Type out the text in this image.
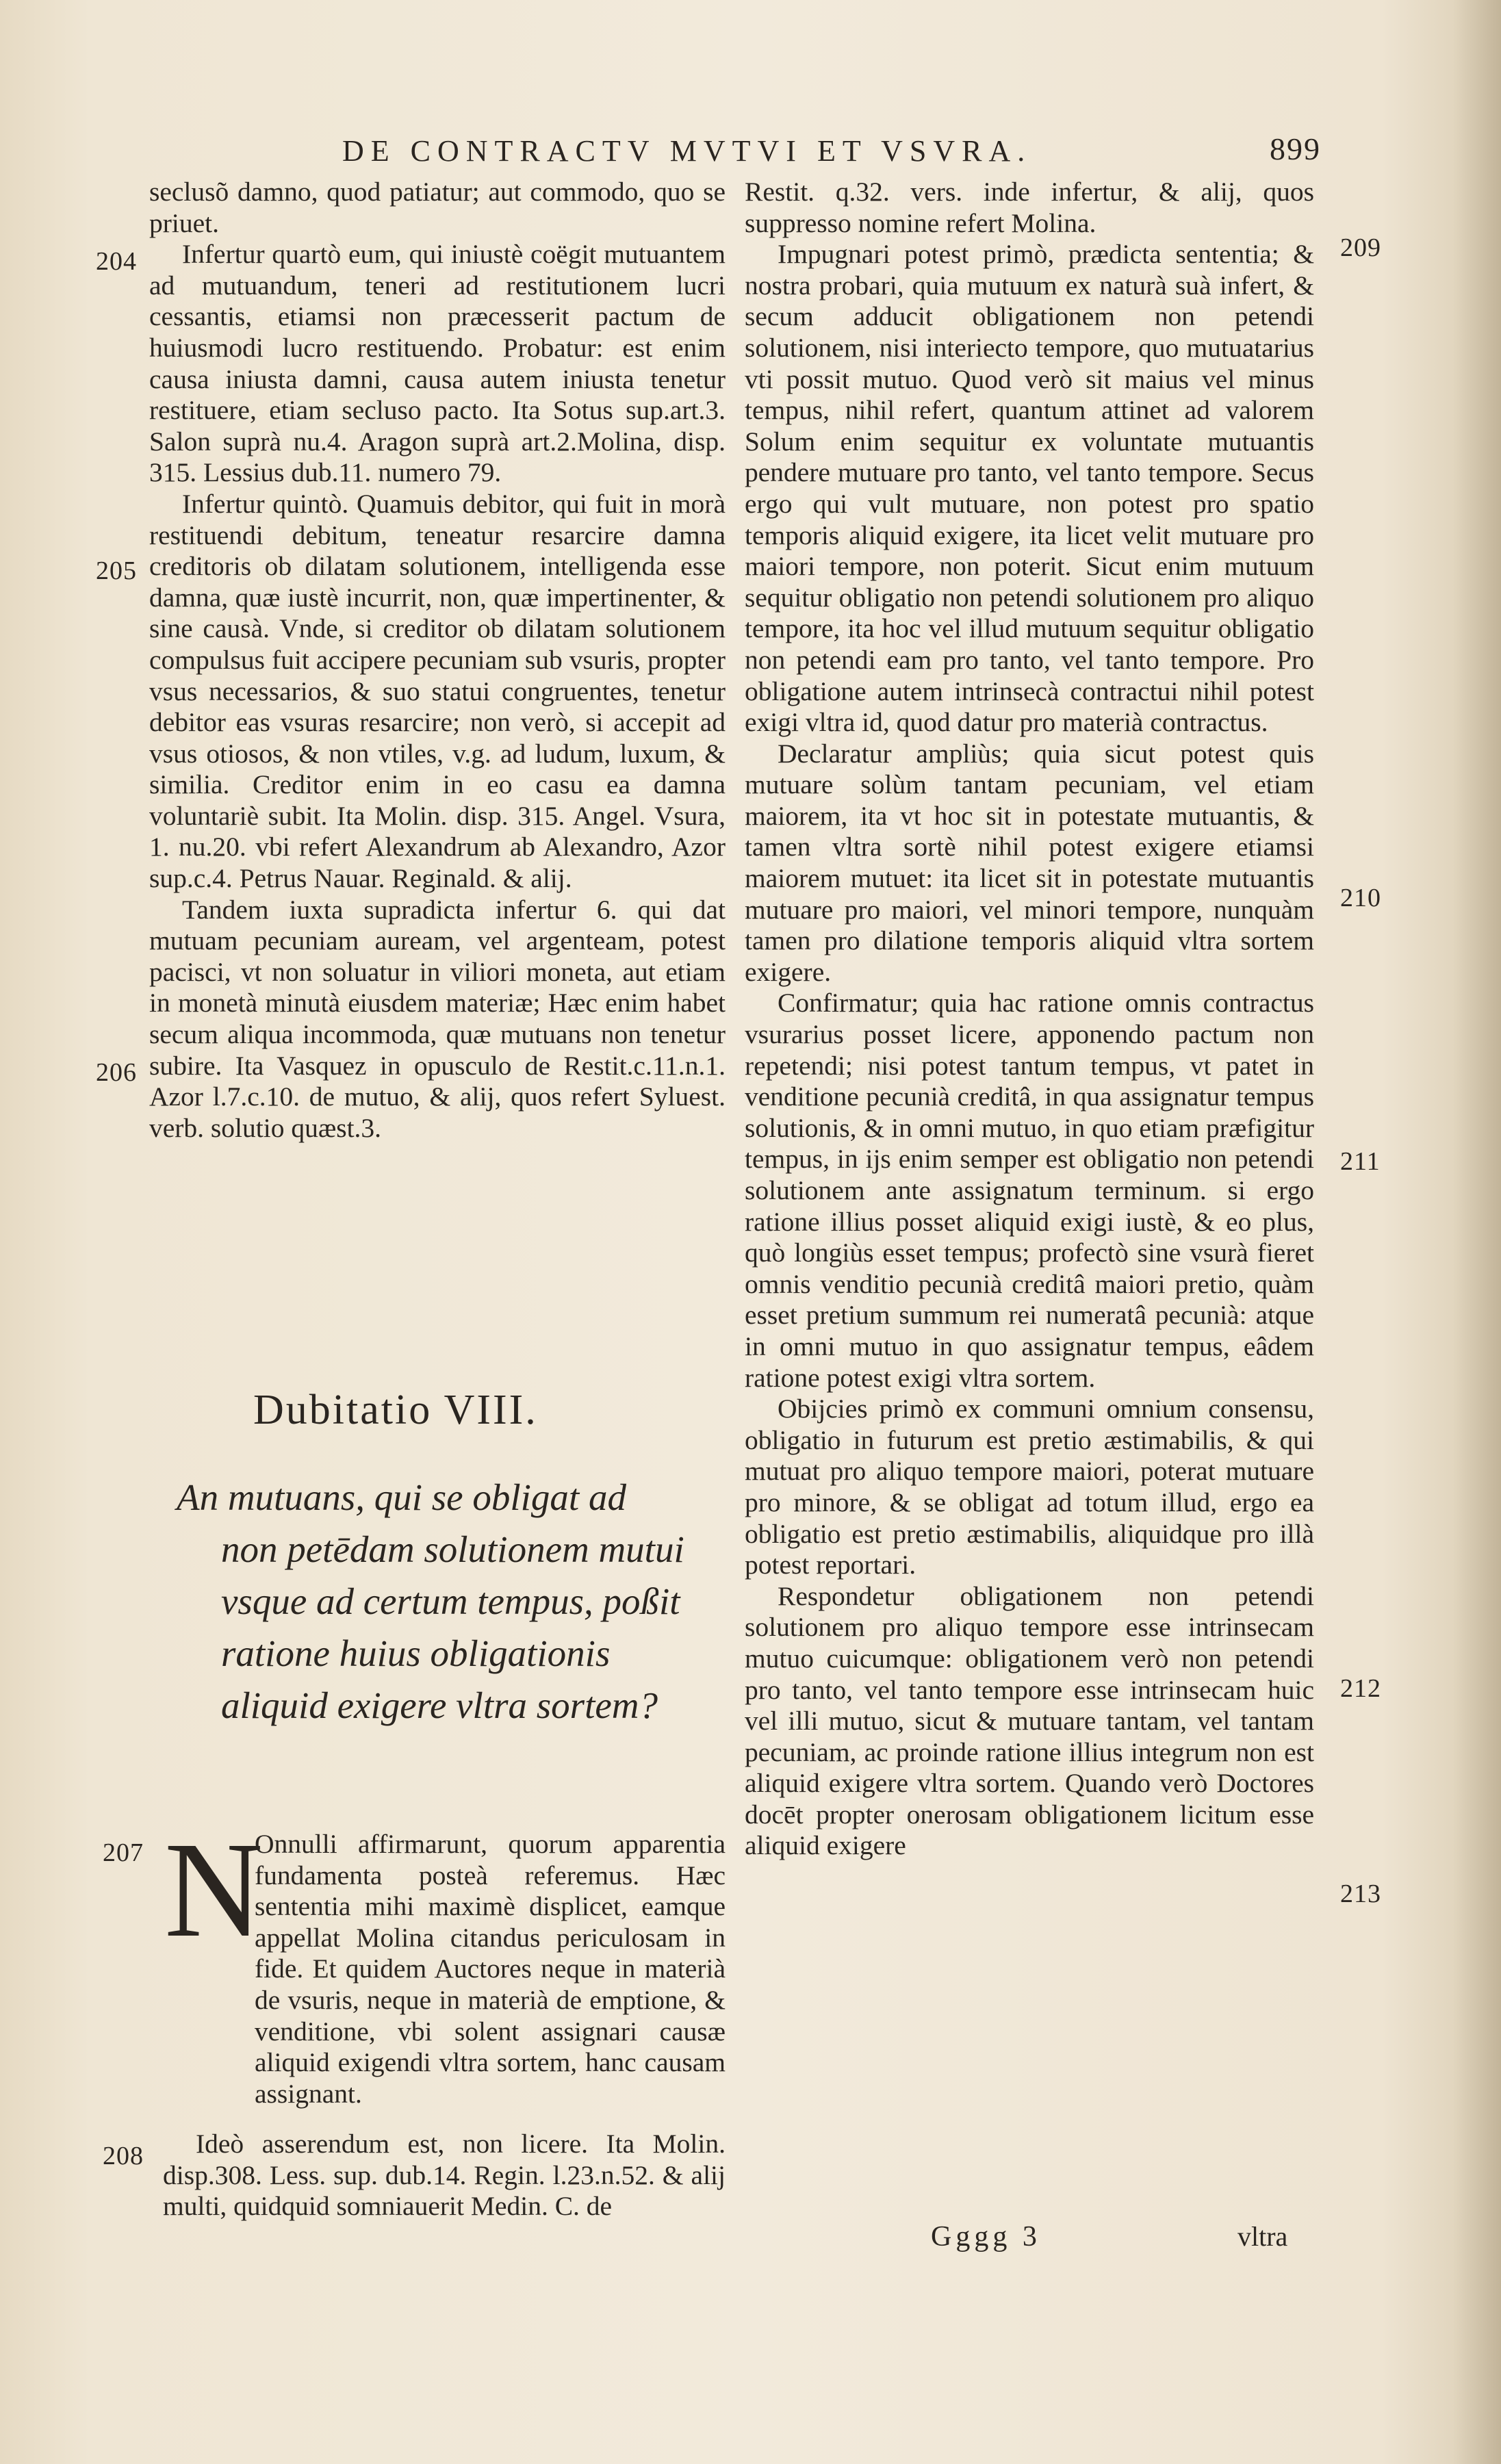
DE CONTRACTV MVTVI ET VSVRA.	899

seclusõ damno, quod patiatur; aut commodo, quo se priuet.

Infertur quartò eum, qui iniustè coëgit mutuantem ad mutuandum, teneri ad restitutionem lucri cessantis, etiamsi non præcesserit pactum de huiusmodi lucro restituendo. Probatur: est enim causa iniusta damni, causa autem iniusta tenetur restituere, etiam secluso pacto. Ita Sotus sup.art.3. Salon suprà nu.4. Aragon suprà art.2.Molina, disp. 315. Lessius dub.11. numero 79.

Infertur quintò. Quamuis debitor, qui fuit in morà restituendi debitum, teneatur resarcire damna creditoris ob dilatam solutionem, intelligenda esse damna, quæ iustè incurrit, non, quæ impertinenter, & sine causà. Vnde, si creditor ob dilatam solutionem compulsus fuit accipere pecuniam sub vsuris, propter vsus necessarios, & suo statui congruentes, tenetur debitor eas vsuras resarcire; non verò, si accepit ad vsus otiosos, & non vtiles, v.g. ad ludum, luxum, & similia. Creditor enim in eo casu ea damna voluntariè subit. Ita Molin. disp. 315. Angel. Vsura, 1. nu.20. vbi refert Alexandrum ab Alexandro, Azor sup.c.4. Petrus Nauar. Reginald. & alij.

Tandem iuxta supradicta infertur 6. qui dat mutuam pecuniam auream, vel argenteam, potest pacisci, vt non soluatur in viliori moneta, aut etiam in monetà minutà eiusdem materiæ; Hæc enim habet secum aliqua incommoda, quæ mutuans non tenetur subire. Ita Vasquez in opusculo de Restit.c.11.n.1. Azor l.7.c.10. de mutuo, & alij, quos refert Syluest. verb. solutio quæst.3.

204
205
206
Dubitatio VIII.
An mutuans, qui se obligat ad
non petēdam solutionem mutui vsque ad certum tempus, poßit ratione huius obligationis aliquid exigere vltra sortem?
207 N

Onnulli affirmarunt, quorum apparentia fundamenta posteà referemus. Hæc sententia mihi maximè displicet, eamque appellat Molina citandus periculosam in fide. Et quidem Auctores neque in materià de vsuris, neque in materià de emptione, & venditione, vbi solent assignari causæ aliquid exigendi vltra sortem, hanc causam assignant.

208	Ideò asserendum est, non licere. Ita Molin. disp.308. Less. sup. dub.14. Regin. l.23.n.52. & alij multi, quidquid somniauerit Medin. C. de

Restit. q.32. vers. inde infertur, & alij, quos suppresso nomine refert Molina.

Impugnari potest primò, prædicta sententia; & nostra probari, quia mutuum ex naturà suà infert, & secum adducit obligationem non petendi solutionem, nisi interiecto tempore, quo mutuatarius vti possit mutuo. Quod verò sit maius vel minus tempus, nihil refert, quantum attinet ad valorem Solum enim sequitur ex voluntate mutuantis pendere mutuare pro tanto, vel tanto tempore. Secus ergo qui vult mutuare, non potest pro spatio temporis aliquid exigere, ita licet velit mutuare pro maiori tempore, non poterit. Sicut enim mutuum sequitur obligatio non petendi solutionem pro aliquo tempore, ita hoc vel illud mutuum sequitur obligatio non petendi eam pro tanto, vel tanto tempore. Pro obligatione autem intrinsecà contractui nihil potest exigi vltra id, quod datur pro materià contractus.

Declaratur ampliùs; quia sicut potest quis mutuare solùm tantam pecuniam, vel etiam maiorem, ita vt hoc sit in potestate mutuantis, & tamen vltra sortè nihil potest exigere etiamsi maiorem mutuet: ita licet sit in potestate mutuantis mutuare pro maiori, vel minori tempore, nunquàm tamen pro dilatione temporis aliquid vltra sortem exigere.

Confirmatur; quia hac ratione omnis contractus vsurarius posset licere, apponendo pactum non repetendi; nisi potest tantum tempus, vt patet in venditione pecunià creditâ, in qua assignatur tempus solutionis, & in omni mutuo, in quo etiam præfigitur tempus, in ijs enim semper est obligatio non petendi solutionem ante assignatum terminum. si ergo ratione illius posset aliquid exigi iustè, & eo plus, quò longiùs esset tempus; profectò sine vsurà fieret omnis venditio pecunià creditâ maiori pretio, quàm esset pretium summum rei numeratâ pecunià: atque in omni mutuo in quo assignatur tempus, eâdem ratione potest exigi vltra sortem.

Obijcies primò ex communi omnium consensu, obligatio in futurum est pretio æstimabilis, & qui mutuat pro aliquo tempore maiori, poterat mutuare pro minore, & se obligat ad totum illud, ergo ea obligatio est pretio æstimabilis, aliquidque pro illà potest reportari.

Respondetur obligationem non petendi solutionem pro aliquo tempore esse intrinsecam mutuo cuicumque: obligationem verò non petendi pro tanto, vel tanto tempore esse intrinsecam huic vel illi mutuo, sicut & mutuare tantam, vel tantam pecuniam, ac proinde ratione illius integrum non est aliquid exigere vltra sortem. Quando verò Doctores docēt propter onerosam obligationem licitum esse aliquid exigere

209
210
211
212
213
Gggg 3	vltra
